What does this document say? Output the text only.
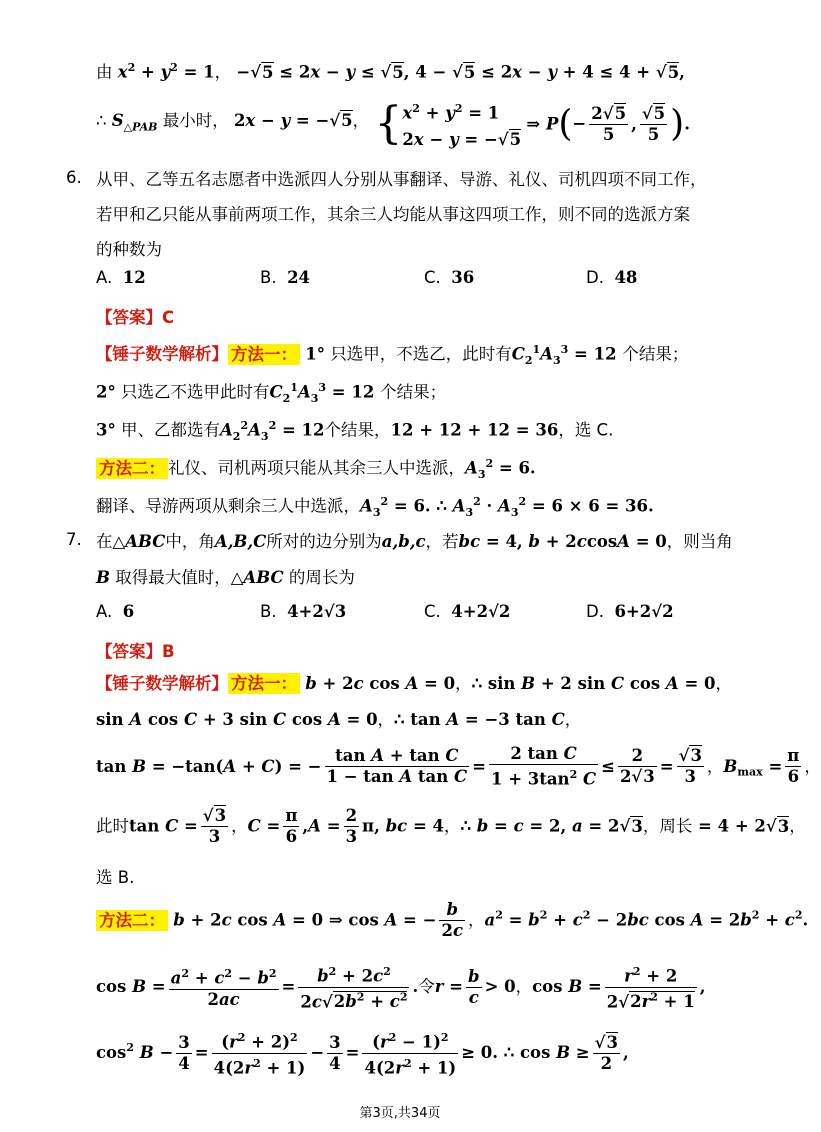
由 $x^2 + y^2 = 1$， −√5 ≤ 2x − y ≤ √5, 4 − √5 ≤ 2x − y + 4 ≤ 4 + √5,
∴ $S_{\triangle PAB}$ 最小时， 2x − y = −√5， {$x^2 + y^2 = 1$
2x − y = −√5 ⇒ $P(- \frac{2√5}{5}$ , $\frac{√5}{5}$ ).
6. 从甲、乙等五名志愿者中选派四人分别从事翻译、导游、礼仪、司机四项不同工作，
若甲和乙只能从事前两项工作，其余三人均能从事这四项工作，则不同的选派方案
的种数为
A. 12	B. 24	C. 36	D. 48
【答案】C
【锤子数学解析】 方法一： 1° 只选甲，不选乙，此时有$C_2^1A_3^3 = 12$ 个结果；
2° 只选乙不选甲此时有$C_2^1A_3^3 = 12$ 个结果；
3° 甲、乙都选有$A_2^2A_3^2 = 12$个结果，12 + 12 + 12 = 36，选 C.
方法二： 礼仪、司机两项只能从其余三人中选派，$A_3^2 = 6$.
翻译、导游两项从剩余三人中选派，$A_3^2 = 6$. ∴ $A_3^2 \cdot A_3^2 = 6 \times 6 = 36$.
7. 在△ABC中，角A,B,C所对的边分别为a,b,c，若bc = 4, b + 2ccosA = 0，则当角
B 取得最大值时，△ABC 的周长为
A. 6	B. 4+2√3	C. 4+2√2	D. 6+2√2
【答案】B
【锤子数学解析】 方法一： b + 2c cos A = 0，∴ sin B + 2 sin C cos A = 0，
sin A cos C + 3 sin C cos A = 0，∴ tan A = −3 tan C，
tan B = −tan(A + C) = − $\frac{\text{tan A + tan C}}{\text{1 − tan A tan C}} = \frac{\text{2 tan C}}{1 + 3\tan^2 C} \le \frac{2}{2√3} = \frac{√3}{3}$ ，$B_{max} = \frac{\pi}{6}$ ，
此时$\tan C = \frac{√3}{3}$ ，$C = \frac{\pi}{6} ,A = \frac{2}{3} \pi$, bc = 4，∴ b = c = 2, a = 2√3，周长 = 4 + 2√3，
选 B.
方法二： b + 2c cos A = 0 ⇒ cos A = − $\frac{b}{2c}$ ，$a^2 = b^2 + c^2 - 2bc$ $\cos A = 2b^2 + c^2$.
$\cos B = \frac{a^2 + c^2 - b^2}{2ac} = \frac{b^2 + 2c^2}{2c√2b^2 + c^2}$ .令$r = \frac{b}{c} > 0$，$\cos B = \frac{r^2 + 2}{2√2r^2 + 1}$ ,
$\cos^2 B - \frac{3}{4} = \frac{(r^2 + 2)^2}{4(2r^2 + 1)} - \frac{3}{4} = \frac{(r^2 - 1)^2}{4(2r^2 + 1)} \ge 0$. ∴ $\cos B \ge \frac{√3}{2}$ ,
第3页,共34页
